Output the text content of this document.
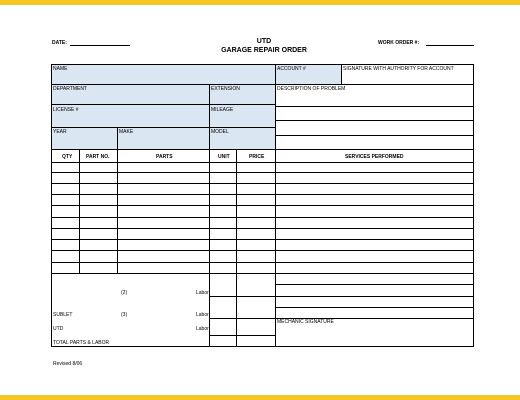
DATE:	UTD
GARAGE REPAIR ORDER
WORK ORDER #:
NAME	ACCOUNT #	SIGNATURE WITH AUTHORITY FOR ACCOUNT
DEPARTMENT	EXTENSION	DESCRIPTION OF PROBLEM
LICENSE #	MILEAGE
YEAR	MAKE	MODEL
QTY	PART NO.	PARTS	UNIT	PRICE	SERVICES PERFORMED
(2)	Labor
SUBLET	(3)	Labor
UTD	Labor
TOTAL PARTS & LABOR
MECHANIC SIGNATURE
Revised 8/06
